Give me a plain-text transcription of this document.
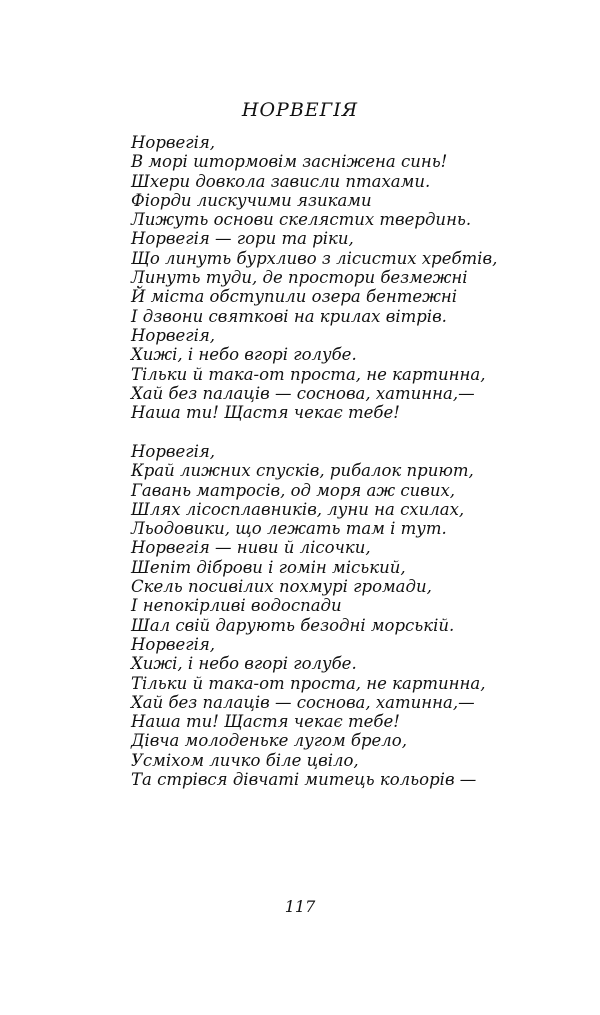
НОРВЕГІЯ
Норвегія,
В морі штормовім засніжена синь!
Шхери довкола зависли птахами.
Фіорди лискучими язиками
Лижуть основи скелястих твердинь.
Норвегія — гори та ріки,
Що линуть бурхливо з лісистих хребтів,
Линуть туди, де простори безмежні
Й міста обступили озера бентежні
І дзвони святкові на крилах вітрів.
Норвегія,
Хижі, і небо вгорі голубе.
Тільки й така-от проста, не картинна,
Хай без палаців — соснова, хатинна,—
Наша ти! Щастя чекає тебе!
Норвегія,
Край лижних спусків, рибалок приют,
Гавань матросів, од моря аж сивих,
Шлях лісосплавників, луни на схилах,
Льодовики, що лежать там і тут.
Норвегія — ниви й лісочки,
Шепіт діброви і гомін міський,
Скель посивілих похмурі громади,
І непокірливі водоспади
Шал свій дарують безодні морській.
Норвегія,
Хижі, і небо вгорі голубе.
Тільки й така-от проста, не картинна,
Хай без палаців — соснова, хатинна,—
Наша ти! Щастя чекає тебе!
Дівча молоденьке лугом брело,
Усміхом личко біле цвіло,
Та стрівся дівчаті митець кольорів —
117
